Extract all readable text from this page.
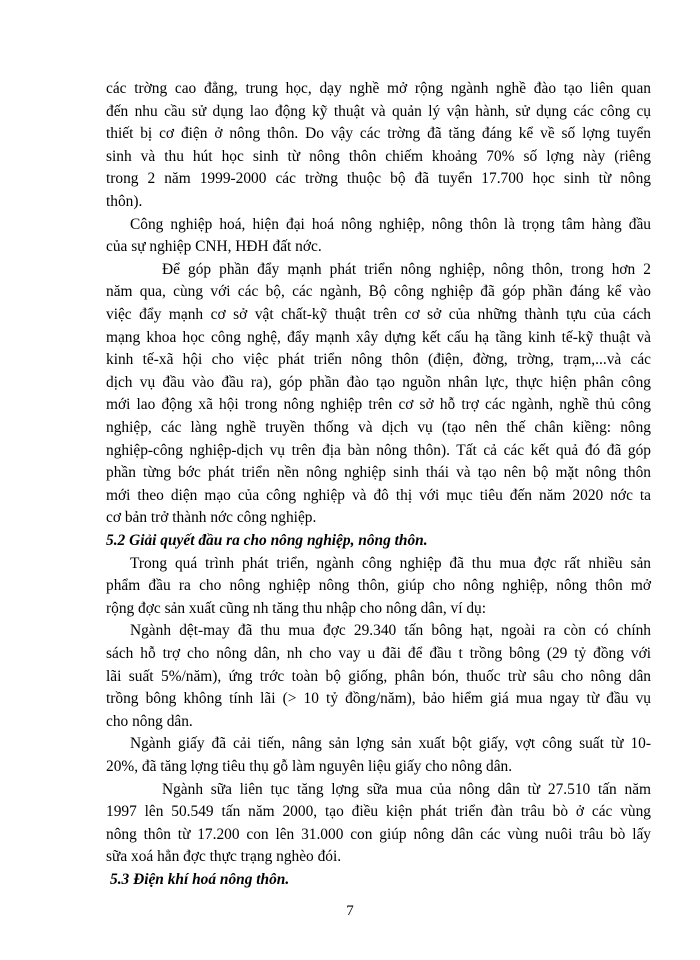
các trờng cao đẳng, trung học, dạy nghề mở rộng ngành nghề đào tạo liên quan
đến nhu cầu sử dụng lao động kỹ thuật và quản lý vận hành, sử dụng các công cụ
thiết bị cơ điện ở nông thôn. Do vậy các trờng đã tăng đáng kể về số lợng tuyển
sinh và thu hút học sinh từ nông thôn chiếm khoảng 70% số lợng này (riêng
trong 2 năm 1999-2000 các trờng thuộc bộ đã tuyển 17.700 học sinh từ nông
thôn).
Công nghiệp hoá, hiện đại hoá nông nghiệp, nông thôn là trọng tâm hàng đầu
của sự nghiệp CNH, HĐH đất nớc.
Để góp phần đẩy mạnh phát triển nông nghiệp, nông thôn, trong hơn 2
năm qua, cùng với các bộ, các ngành, Bộ công nghiệp đã góp phần đáng kể vào
việc đẩy mạnh cơ sở vật chất-kỹ thuật trên cơ sở của những thành tựu của cách
mạng khoa học công nghệ, đẩy mạnh xây dựng kết cấu hạ tầng kinh tế-kỹ thuật và
kinh tế-xã hội cho việc phát triển nông thôn (điện, đờng, trờng, trạm,...và các
dịch vụ đầu vào đầu ra), góp phần đào tạo nguồn nhân lực, thực hiện phân công
mới lao động xã hội trong nông nghiệp trên cơ sở hỗ trợ các ngành, nghề thủ công
nghiệp, các làng nghề truyền thống và dịch vụ (tạo nên thế chân kiềng: nông
nghiệp-công nghiệp-dịch vụ trên địa bàn nông thôn). Tất cả các kết quả đó đã góp
phần từng bớc phát triển nền nông nghiệp sinh thái và tạo nên bộ mặt nông thôn
mới theo diện mạo của công nghiệp và đô thị với mục tiêu đến năm 2020 nớc ta
cơ bản trở thành nớc công nghiệp.
5.2 Giải quyết đầu ra cho nông nghiệp, nông thôn.
Trong quá trình phát triển, ngành công nghiệp đã thu mua đợc rất nhiều sản
phẩm đầu ra cho nông nghiệp nông thôn, giúp cho nông nghiệp, nông thôn mở
rộng đợc sản xuất cũng nh tăng thu nhập cho nông dân, ví dụ:
Ngành dệt-may đã thu mua đợc 29.340 tấn bông hạt, ngoài ra còn có chính
sách hỗ trợ cho nông dân, nh cho vay u đãi để đầu t trồng bông (29 tỷ đồng với
lãi suất 5%/năm), ứng trớc toàn bộ giống, phân bón, thuốc trừ sâu cho nông dân
trồng bông không tính lãi (> 10 tỷ đồng/năm), bảo hiểm giá mua ngay từ đầu vụ
cho nông dân.
Ngành giấy đã cải tiến, nâng sản lợng sản xuất bột giấy, vợt công suất từ 10-
20%, đã tăng lợng tiêu thụ gỗ làm nguyên liệu giấy cho nông dân.
Ngành sữa liên tục tăng lợng sữa mua của nông dân từ 27.510 tấn năm
1997 lên 50.549 tấn năm 2000, tạo điều kiện phát triển đàn trâu bò ở các vùng
nông thôn từ 17.200 con lên 31.000 con giúp nông dân các vùng nuôi trâu bò lấy
sữa xoá hẳn đợc thực trạng nghèo đói.
5.3 Điện khí hoá nông thôn.
7
